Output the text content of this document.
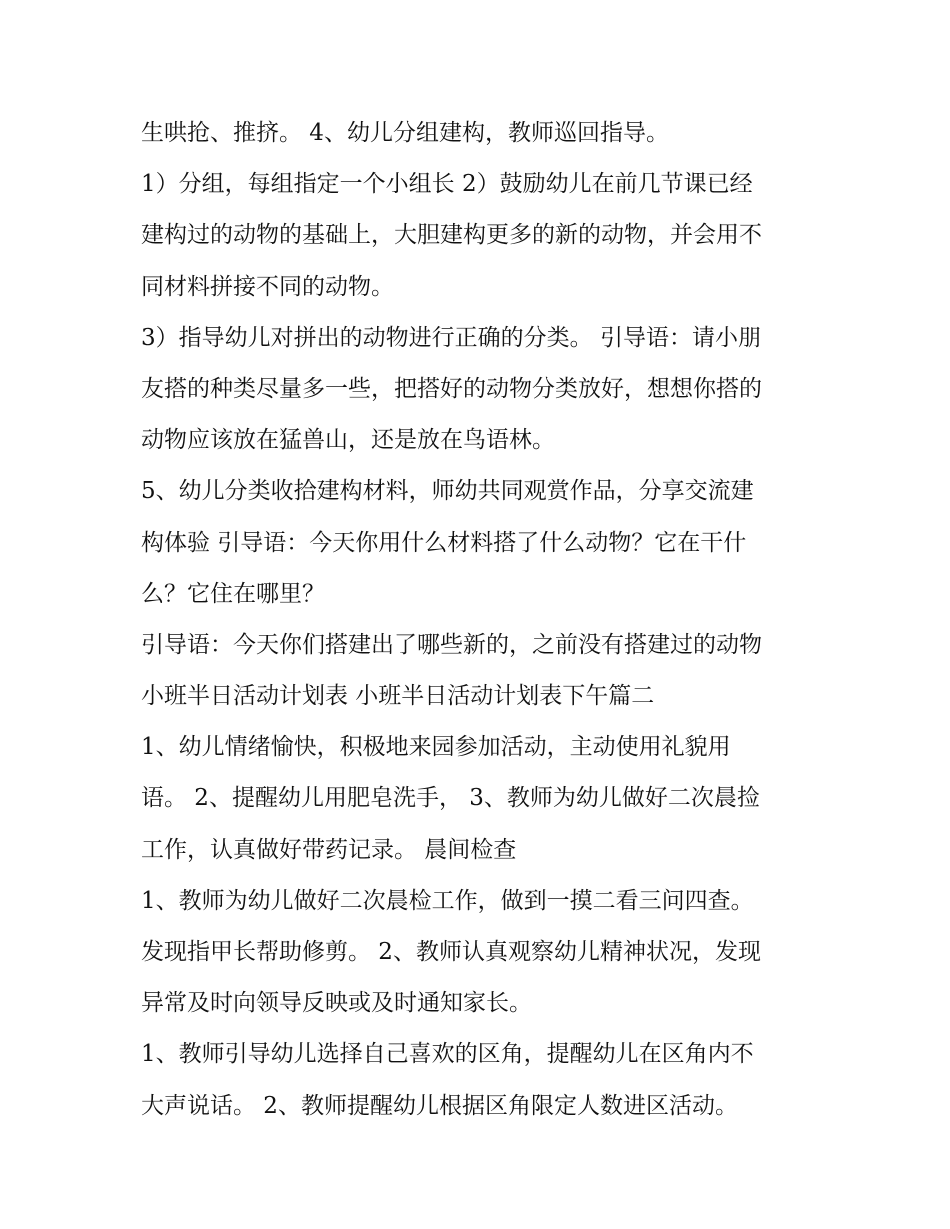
生哄抢、推挤。 4、幼儿分组建构，教师巡回指导。
1）分组，每组指定一个小组长 2）鼓励幼儿在前几节课已经
建构过的动物的基础上，大胆建构更多的新的动物，并会用不
同材料拼接不同的动物。
3）指导幼儿对拼出的动物进行正确的分类。 引导语：请小朋
友搭的种类尽量多一些，把搭好的动物分类放好，想想你搭的
动物应该放在猛兽山，还是放在鸟语林。
5、幼儿分类收拾建构材料，师幼共同观赏作品，分享交流建
构体验 引导语：今天你用什么材料搭了什么动物？它在干什
么？它住在哪里？
引导语：今天你们搭建出了哪些新的，之前没有搭建过的动物
小班半日活动计划表 小班半日活动计划表下午篇二
1、幼儿情绪愉快，积极地来园参加活动，主动使用礼貌用
语。 2、提醒幼儿用肥皂洗手， 3、教师为幼儿做好二次晨捡
工作，认真做好带药记录。 晨间检查
1、教师为幼儿做好二次晨检工作，做到一摸二看三问四查。
发现指甲长帮助修剪。 2、教师认真观察幼儿精神状况，发现
异常及时向领导反映或及时通知家长。
1、教师引导幼儿选择自己喜欢的区角，提醒幼儿在区角内不
大声说话。 2、教师提醒幼儿根据区角限定人数进区活动。
